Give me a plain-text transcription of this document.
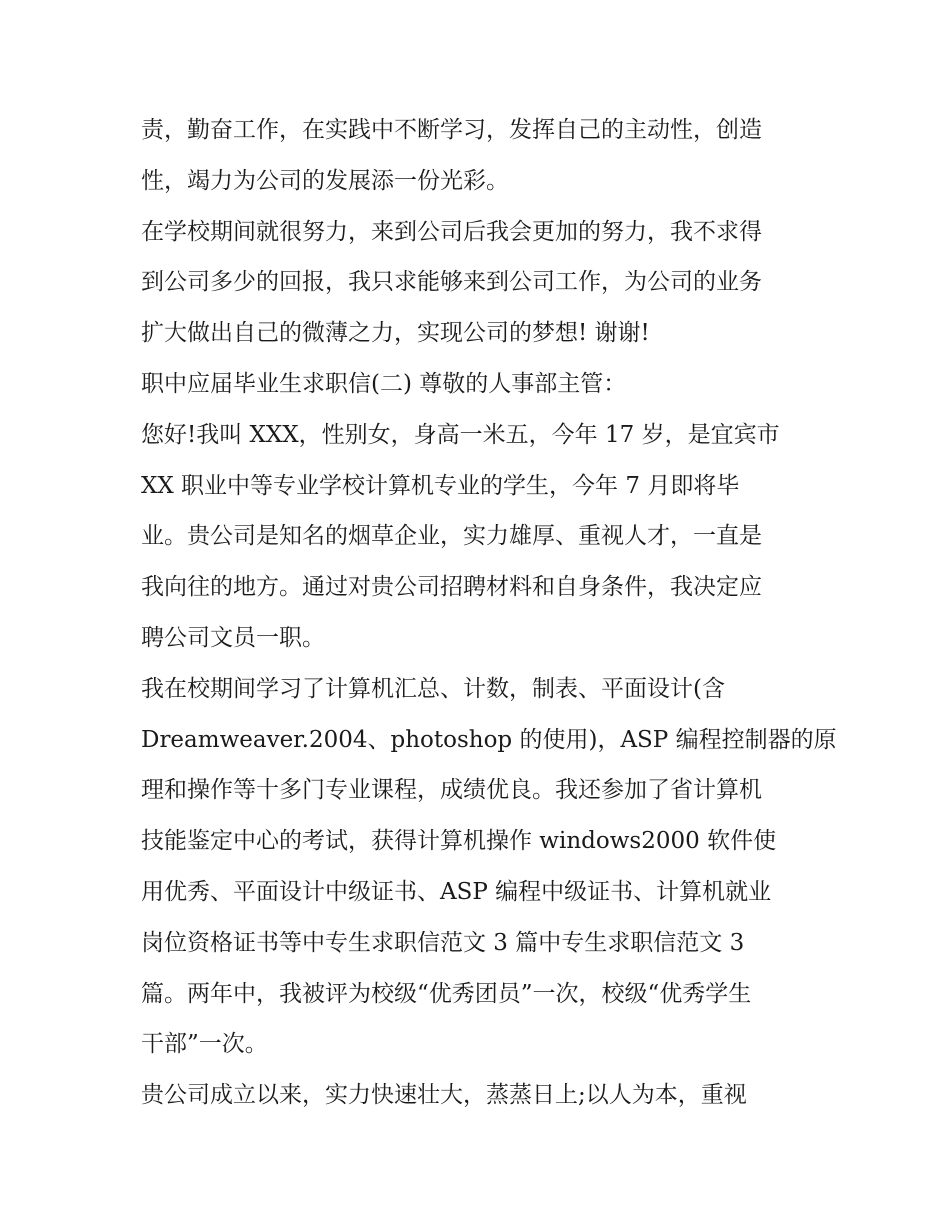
责，勤奋工作，在实践中不断学习，发挥自己的主动性，创造
性，竭力为公司的发展添一份光彩。
在学校期间就很努力，来到公司后我会更加的努力，我不求得
到公司多少的回报，我只求能够来到公司工作，为公司的业务
扩大做出自己的微薄之力，实现公司的梦想! 谢谢!
职中应届毕业生求职信(二) 尊敬的人事部主管：
您好!我叫 XXX，性别女，身高一米五，今年 17 岁，是宜宾市
XX 职业中等专业学校计算机专业的学生，今年 7 月即将毕
业。贵公司是知名的烟草企业，实力雄厚、重视人才，一直是
我向往的地方。通过对贵公司招聘材料和自身条件，我决定应
聘公司文员一职。
我在校期间学习了计算机汇总、计数，制表、平面设计(含
Dreamweaver.2004、photoshop 的使用)，ASP 编程控制器的原
理和操作等十多门专业课程，成绩优良。我还参加了省计算机
技能鉴定中心的考试，获得计算机操作 windows2000 软件使
用优秀、平面设计中级证书、ASP 编程中级证书、计算机就业
岗位资格证书等中专生求职信范文 3 篇中专生求职信范文 3
篇。两年中，我被评为校级“优秀团员”一次，校级“优秀学生
干部”一次。
贵公司成立以来，实力快速壮大，蒸蒸日上;以人为本，重视
